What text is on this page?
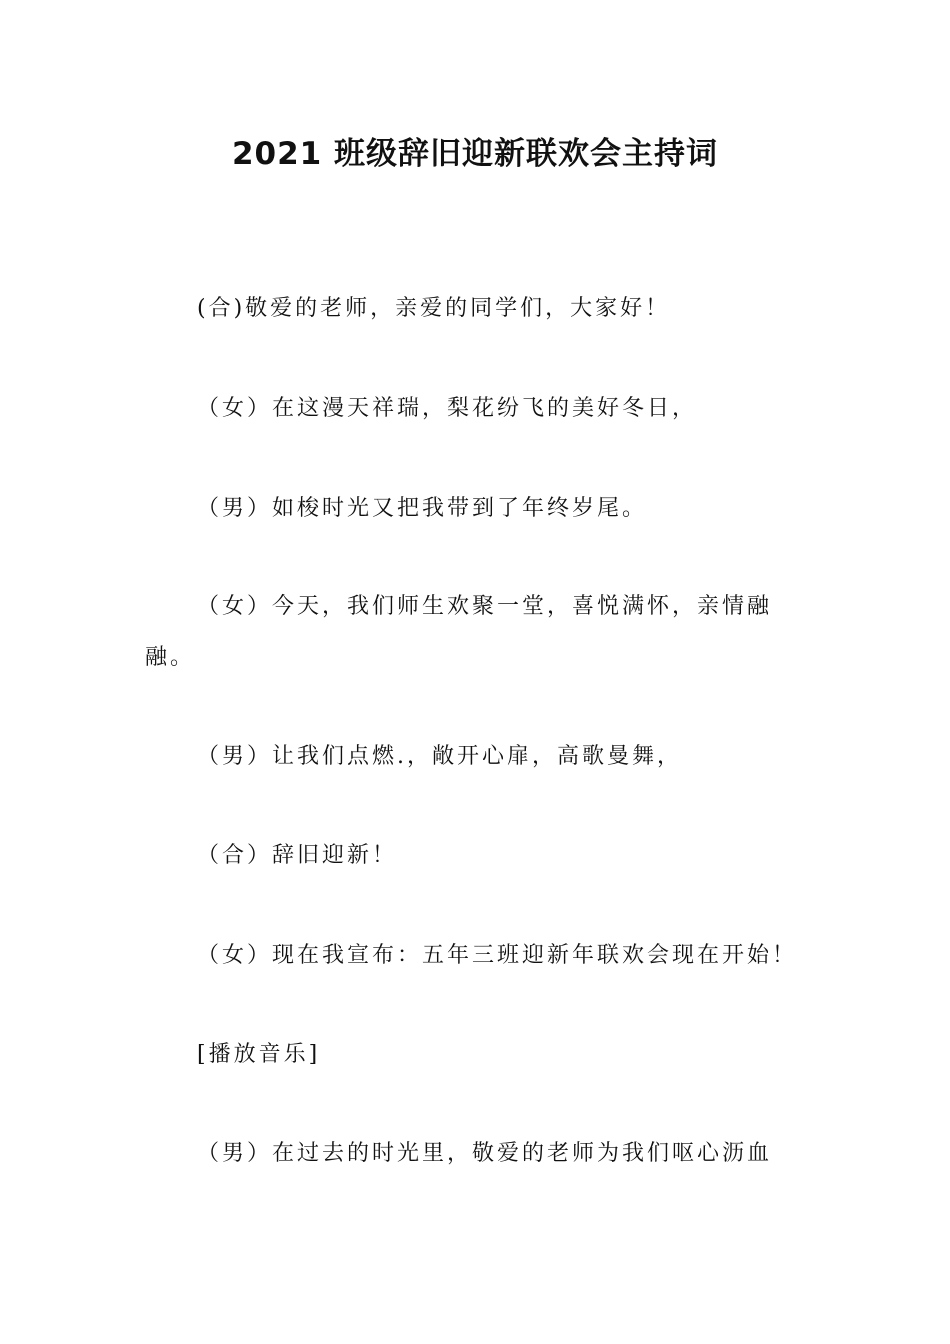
2021 班级辞旧迎新联欢会主持词

(合)敬爱的老师，亲爱的同学们，大家好！

（女）在这漫天祥瑞，梨花纷飞的美好冬日，

（男）如梭时光又把我带到了年终岁尾。

（女）今天，我们师生欢聚一堂，喜悦满怀，亲情融融。

（男）让我们点燃.，敞开心扉，高歌曼舞，

（合）辞旧迎新！

（女）现在我宣布：五年三班迎新年联欢会现在开始！

[播放音乐]

（男）在过去的时光里，敬爱的老师为我们呕心沥血
